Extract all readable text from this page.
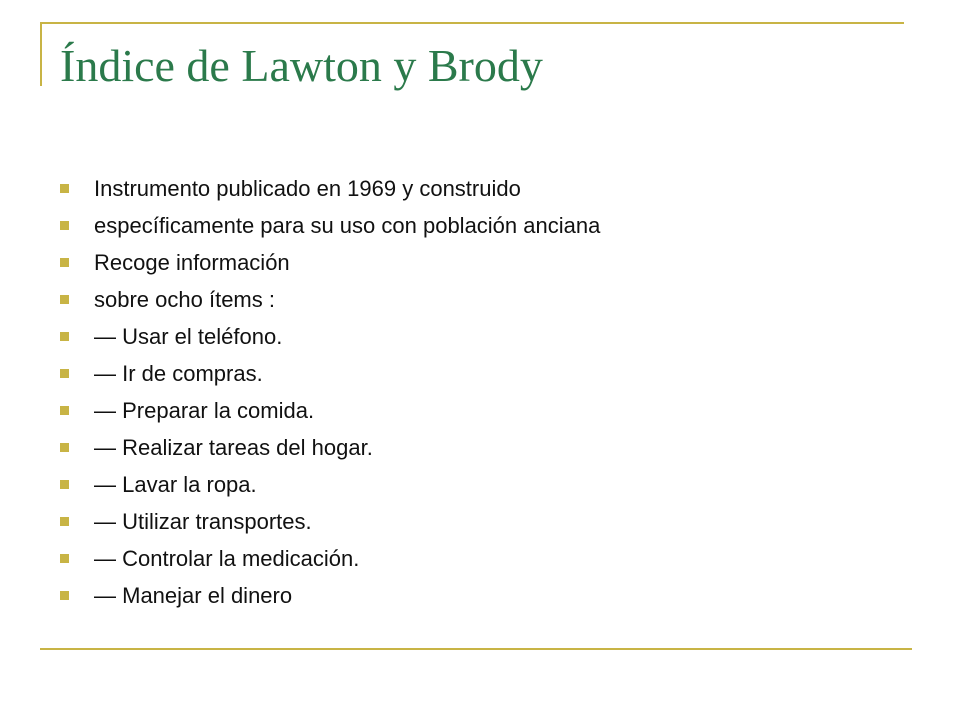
Índice de Lawton y Brody
Instrumento publicado en 1969 y construido
específicamente para su uso con población anciana
Recoge información
sobre ocho ítems :
— Usar el teléfono.
— Ir de compras.
— Preparar la comida.
— Realizar tareas del hogar.
— Lavar la ropa.
— Utilizar transportes.
— Controlar la medicación.
— Manejar el dinero
